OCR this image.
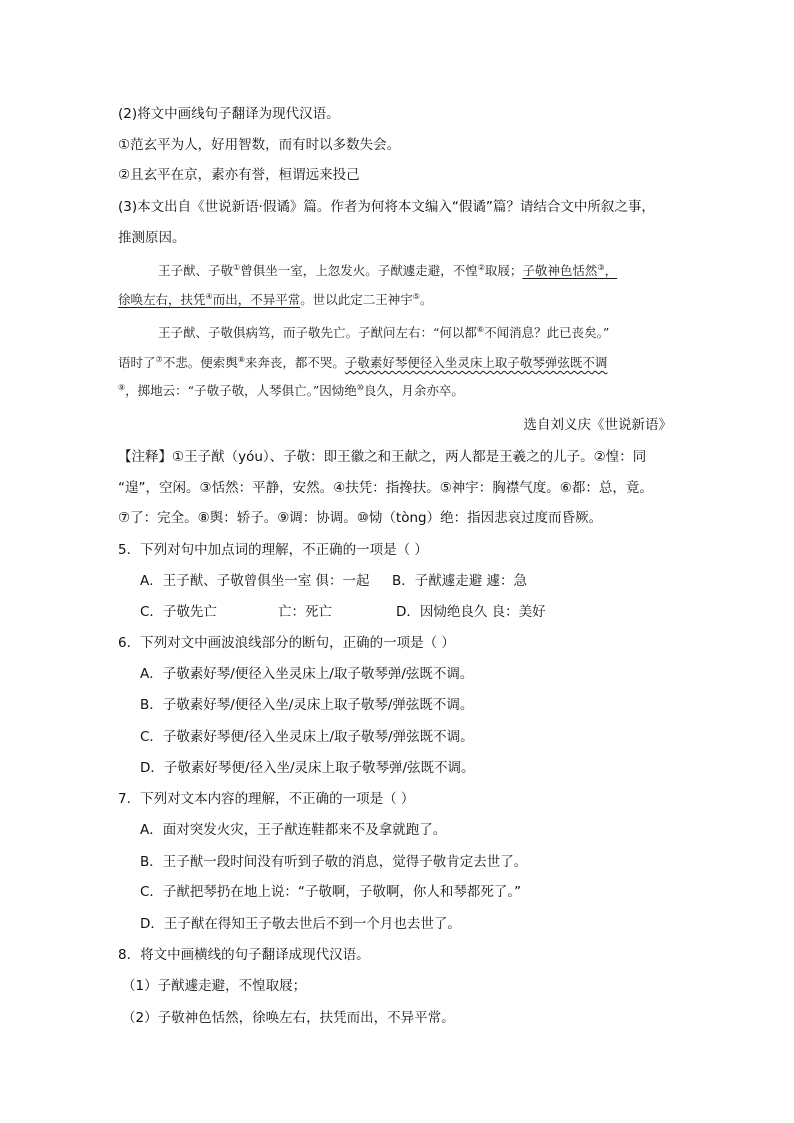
(2)将文中画线句子翻译为现代汉语。
①范玄平为人，好用智数，而有时以多数失会。
②且玄平在京，素亦有誉，桓谓远来投己
(3)本文出自《世说新语·假谲》篇。作者为何将本文编入“假谲”篇？请结合文中所叙之事，
推测原因。
王子猷、子敬①曾俱坐一室，上忽发火。子猷遽走避，不惶②取屐；子敬神色恬然③，
徐唤左右，扶凭④而出，不异平常。世以此定二王神宇⑤。
王子猷、子敬俱病笃，而子敬先亡。子猷问左右：“何以都⑥不闻消息？此已丧矣。”
语时了⑦不悲。便索舆⑧来奔丧，都不哭。子敬素好琴便径入坐灵床上取子敬琴弹弦既不调
⑨，掷地云：“子敬子敬，人琴俱亡。”因恸绝⑩良久，月余亦卒。
选自刘义庆《世说新语》
【注释】①王子猷（yóu）、子敬：即王徽之和王献之，两人都是王羲之的儿子。②惶：同
“遑”，空闲。③恬然：平静，安然。④扶凭：指搀扶。⑤神宇：胸襟气度。⑥都：总，竟。
⑦了：完全。⑧舆：轿子。⑨调：协调。⑩恸（tòng）绝：指因悲哀过度而昏厥。
5．下列对句中加点词的理解，不正确的一项是（ ）
A．王子猷、子敬曾俱坐一室 俱：一起 B．子猷遽走避 遽：急
C．子敬先亡	亡：死亡	D．因恸绝良久 良：美好
6．下列对文中画波浪线部分的断句，正确的一项是（ ）
A．子敬素好琴/便径入坐灵床上/取子敬琴弹/弦既不调。
B．子敬素好琴/便径入坐/灵床上取子敬琴/弹弦既不调。
C．子敬素好琴便/径入坐灵床上/取子敬琴/弹弦既不调。
D．子敬素好琴便/径入坐/灵床上取子敬琴弹/弦既不调。
7．下列对文本内容的理解，不正确的一项是（ ）
A．面对突发火灾，王子猷连鞋都来不及拿就跑了。
B．王子猷一段时间没有听到子敬的消息，觉得子敬肯定去世了。
C．子猷把琴扔在地上说：“子敬啊，子敬啊，你人和琴都死了。”
D．王子猷在得知王子敬去世后不到一个月也去世了。
8．将文中画横线的句子翻译成现代汉语。
（1）子猷遽走避，不惶取屐；
（2）子敬神色恬然，徐唤左右，扶凭而出，不异平常。
